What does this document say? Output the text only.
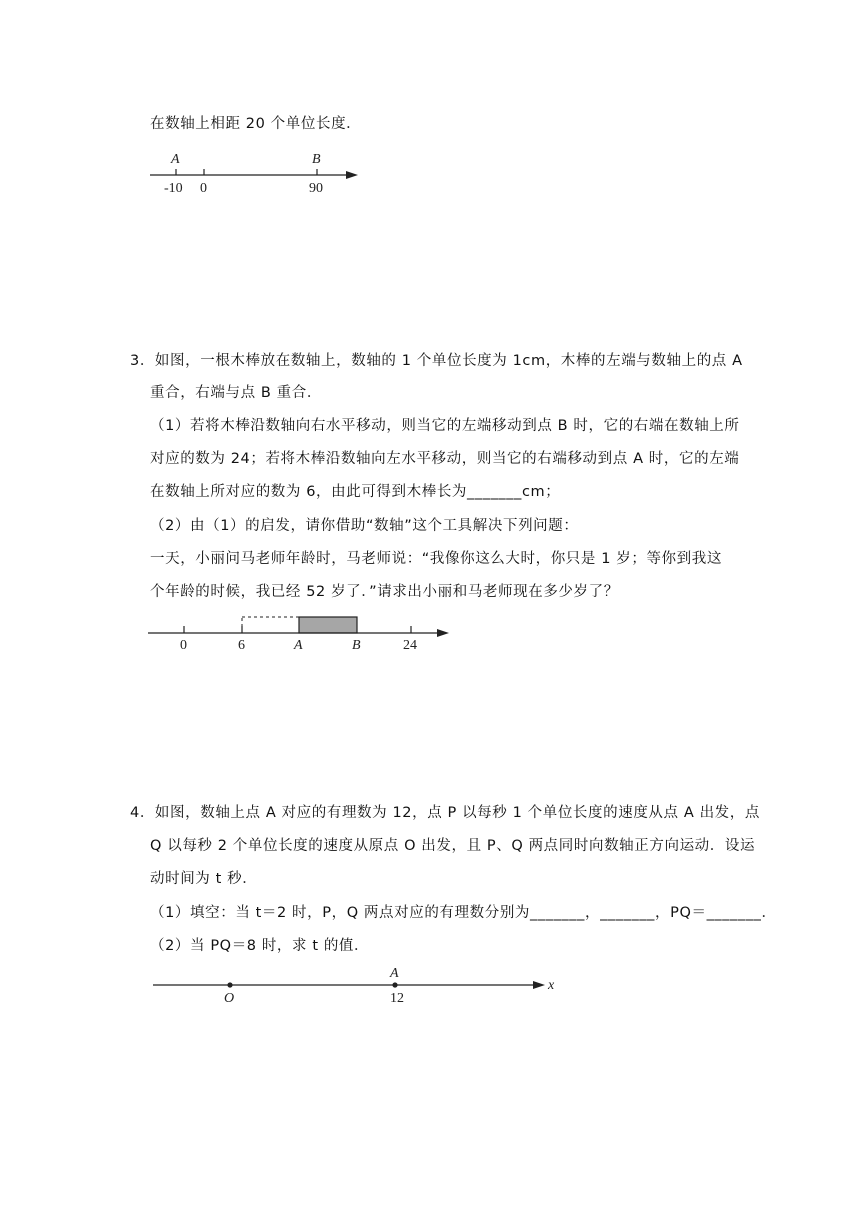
在数轴上相距 20 个单位长度．
A	B
-10 0	90
3．如图，一根木棒放在数轴上，数轴的 1 个单位长度为 1cm，木棒的左端与数轴上的点 A
重合，右端与点 B 重合．
（1）若将木棒沿数轴向右水平移动，则当它的左端移动到点 B 时，它的右端在数轴上所
对应的数为 24；若将木棒沿数轴向左水平移动，则当它的右端移动到点 A 时，它的左端
在数轴上所对应的数为 6，由此可得到木棒长为_______cm；
（2）由（1）的启发，请你借助“数轴”这个工具解决下列问题：
一天，小丽问马老师年龄时，马老师说：“我像你这么大时，你只是 1 岁；等你到我这
个年龄的时候，我已经 52 岁了．”请求出小丽和马老师现在多少岁了？
0	6	A	B	24
4．如图，数轴上点 A 对应的有理数为 12，点 P 以每秒 1 个单位长度的速度从点 A 出发，点
Q 以每秒 2 个单位长度的速度从原点 O 出发，且 P、Q 两点同时向数轴正方向运动．设运
动时间为 t 秒．
（1）填空：当 t＝2 时，P，Q 两点对应的有理数分别为_______，_______，PQ＝_______．
（2）当 PQ＝8 时，求 t 的值．
A
O	12
x
